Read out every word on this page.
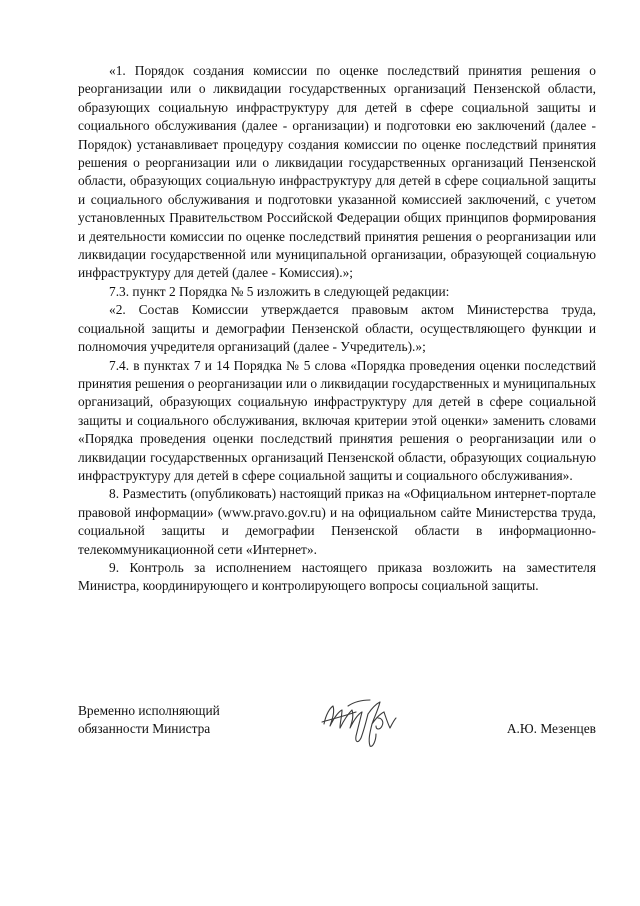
«1. Порядок создания комиссии по оценке последствий принятия решения о реорганизации или о ликвидации государственных организаций Пензенской области, образующих социальную инфраструктуру для детей в сфере социальной защиты и социального обслуживания (далее - организации) и подготовки ею заключений (далее - Порядок) устанавливает процедуру создания комиссии по оценке последствий принятия решения о реорганизации или о ликвидации государственных организаций Пензенской области, образующих социальную инфраструктуру для детей в сфере социальной защиты и социального обслуживания и подготовки указанной комиссией заключений, с учетом установленных Правительством Российской Федерации общих принципов формирования и деятельности комиссии по оценке последствий принятия решения о реорганизации или ликвидации государственной или муниципальной организации, образующей социальную инфраструктуру для детей (далее - Комиссия).»;

7.3. пункт 2 Порядка № 5 изложить в следующей редакции:

«2. Состав Комиссии утверждается правовым актом Министерства труда, социальной защиты и демографии Пензенской области, осуществляющего функции и полномочия учредителя организаций (далее - Учредитель).»;

7.4. в пунктах 7 и 14 Порядка № 5 слова «Порядка проведения оценки последствий принятия решения о реорганизации или о ликвидации государственных и муниципальных организаций, образующих социальную инфраструктуру для детей в сфере социальной защиты и социального обслуживания, включая критерии этой оценки» заменить словами «Порядка проведения оценки последствий принятия решения о реорганизации или о ликвидации государственных организаций Пензенской области, образующих социальную инфраструктуру для детей в сфере социальной защиты и социального обслуживания».

8. Разместить (опубликовать) настоящий приказ на «Официальном интернет-портале правовой информации» (www.pravo.gov.ru) и на официальном сайте Министерства труда, социальной защиты и демографии Пензенской области в информационно-телекоммуникационной сети «Интернет».

9. Контроль за исполнением настоящего приказа возложить на заместителя Министра, координирующего и контролирующего вопросы социальной защиты.

Временно исполняющий
обязанности Министра	А.Ю. Мезенцев
